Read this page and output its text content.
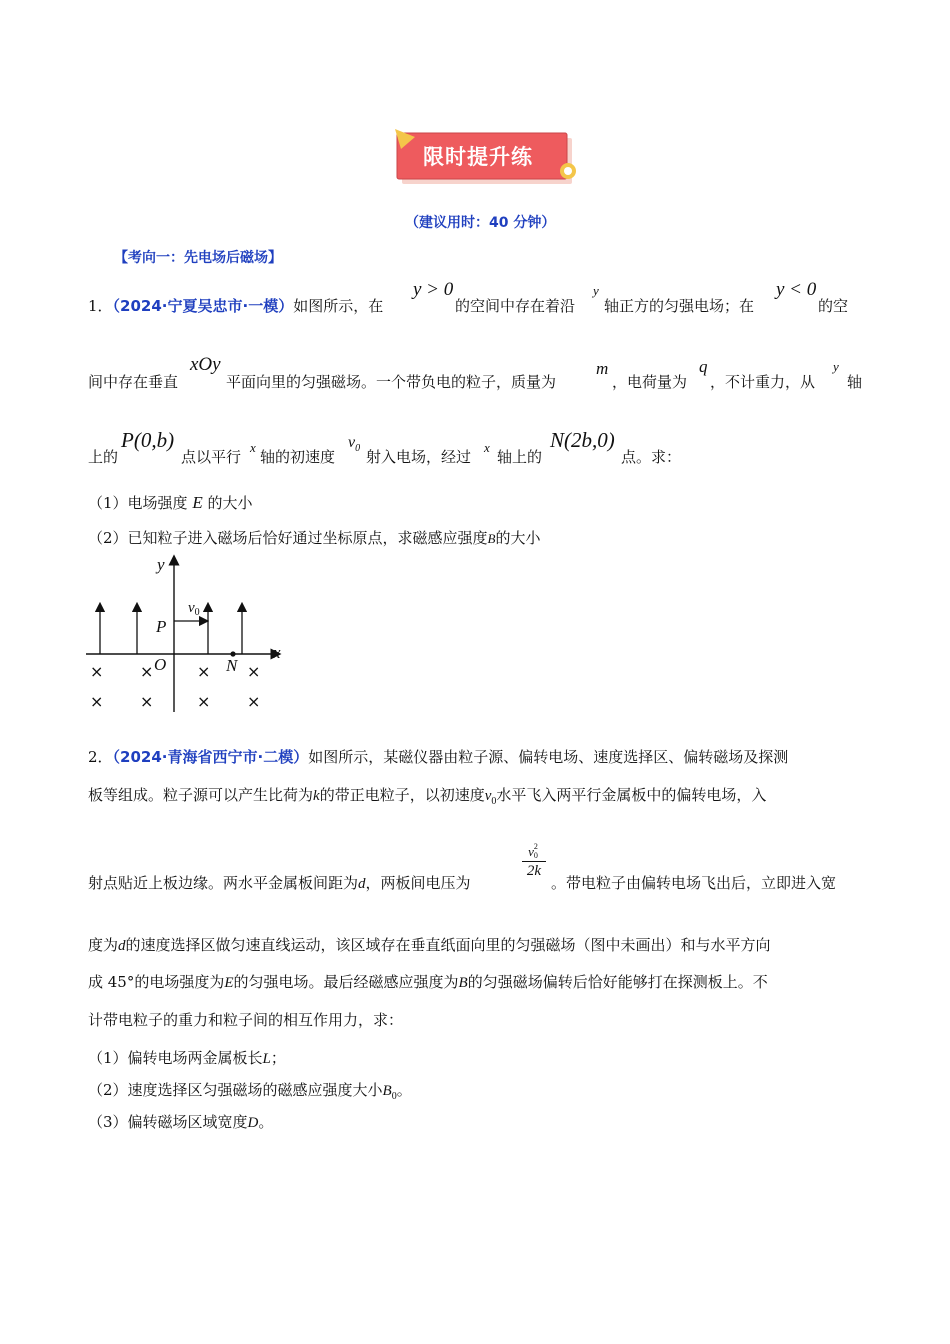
限时提升练
（建议用时：40 分钟）
【考向一：先电场后磁场】
1．（2024·宁夏吴忠市·一模）如图所示，在
y > 0
的空间中存在着沿
y
轴正方的匀强电场；在
y < 0
的空
间中存在垂直
xOy
平面向里的匀强磁场。一个带负电的粒子，质量为
m
，电荷量为
q
，不计重力，从
y
轴
上的
P(0,b)
点以平行
x
轴的初速度
$v_0$ 射入电场，经过
x
轴上的
N(2b,0)
点。求：
（1）电场强度 E 的大小
（2）已知粒子进入磁场后恰好通过坐标原点，求磁感应强度B的大小
y
x
$v_0$
P
O	N
× ×	× ×
× ×	× ×
2．（2024·青海省西宁市·二模）如图所示，某磁仪器由粒子源、偏转电场、速度选择区、偏转磁场及探测
板等组成。粒子源可以产生比荷为k的带正电粒子，以初速度$v_0$水平飞入两平行金属板中的偏转电场，入
射点贴近上板边缘。两水平金属板间距为d，两板间电压为
v 2
0
2k
。带电粒子由偏转电场飞出后，立即进入宽
度为d的速度选择区做匀速直线运动，该区域存在垂直纸面向里的匀强磁场（图中未画出）和与水平方向
成 45°的电场强度为E的匀强电场。最后经磁感应强度为B的匀强磁场偏转后恰好能够打在探测板上。不
计带电粒子的重力和粒子间的相互作用力，求：
（1）偏转电场两金属板长L；
（2）速度选择区匀强磁场的磁感应强度大小$B_0$。
（3）偏转磁场区域宽度D。
